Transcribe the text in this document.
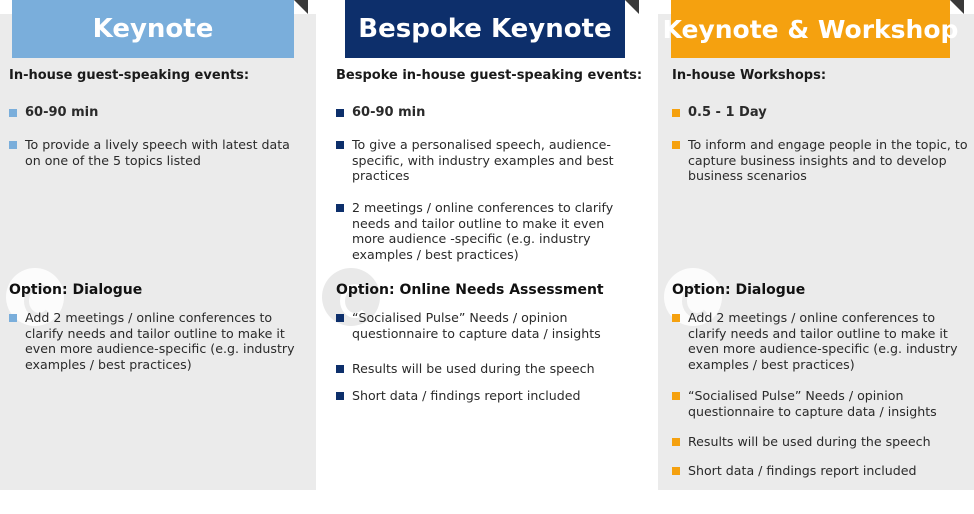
Keynote
In-house guest-speaking events:
60-90 min
To provide a lively speech with latest data on one of the 5 topics listed
Option: Dialogue
Add 2 meetings / online conferences to clarify needs and tailor outline to make it even more audience-specific (e.g. industry examples / best practices)
Bespoke Keynote
Bespoke in-house guest-speaking events:
60-90 min
To give a personalised speech, audience-specific, with industry examples and best practices
2 meetings / online conferences to clarify needs and tailor outline to make it even more audience -specific (e.g. industry examples / best practices)
Option: Online Needs Assessment
“Socialised Pulse” Needs / opinion questionnaire to capture data / insights
Results will be used during the speech
Short data / findings report included
Keynote & Workshop
In-house Workshops:
0.5 - 1 Day
To inform and engage people in the topic, to capture business insights and to develop business scenarios
Option: Dialogue
Add 2 meetings / online conferences to clarify needs and tailor outline to make it even more audience-specific (e.g. industry examples / best practices)
“Socialised Pulse” Needs / opinion questionnaire to capture data / insights
Results will be used during the speech
Short data / findings report included
